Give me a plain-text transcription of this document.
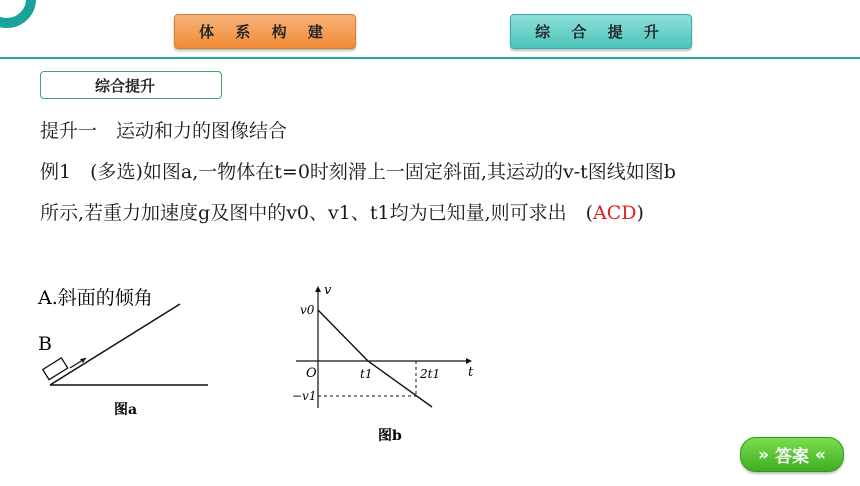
体 系 构 建	综 合 提 升
综合提升
提升一　运动和力的图像结合
例1　(多选)如图a,一物体在t=0时刻滑上一固定斜面,其运动的v-t图线如图b
所示,若重力加速度g及图中的v0、v1、t1均为已知量,则可求出　(ACD)
A.斜面的倾角
B
图a
v
t
O
v0
−v1
t1	2t1
图b
» 答案 «
